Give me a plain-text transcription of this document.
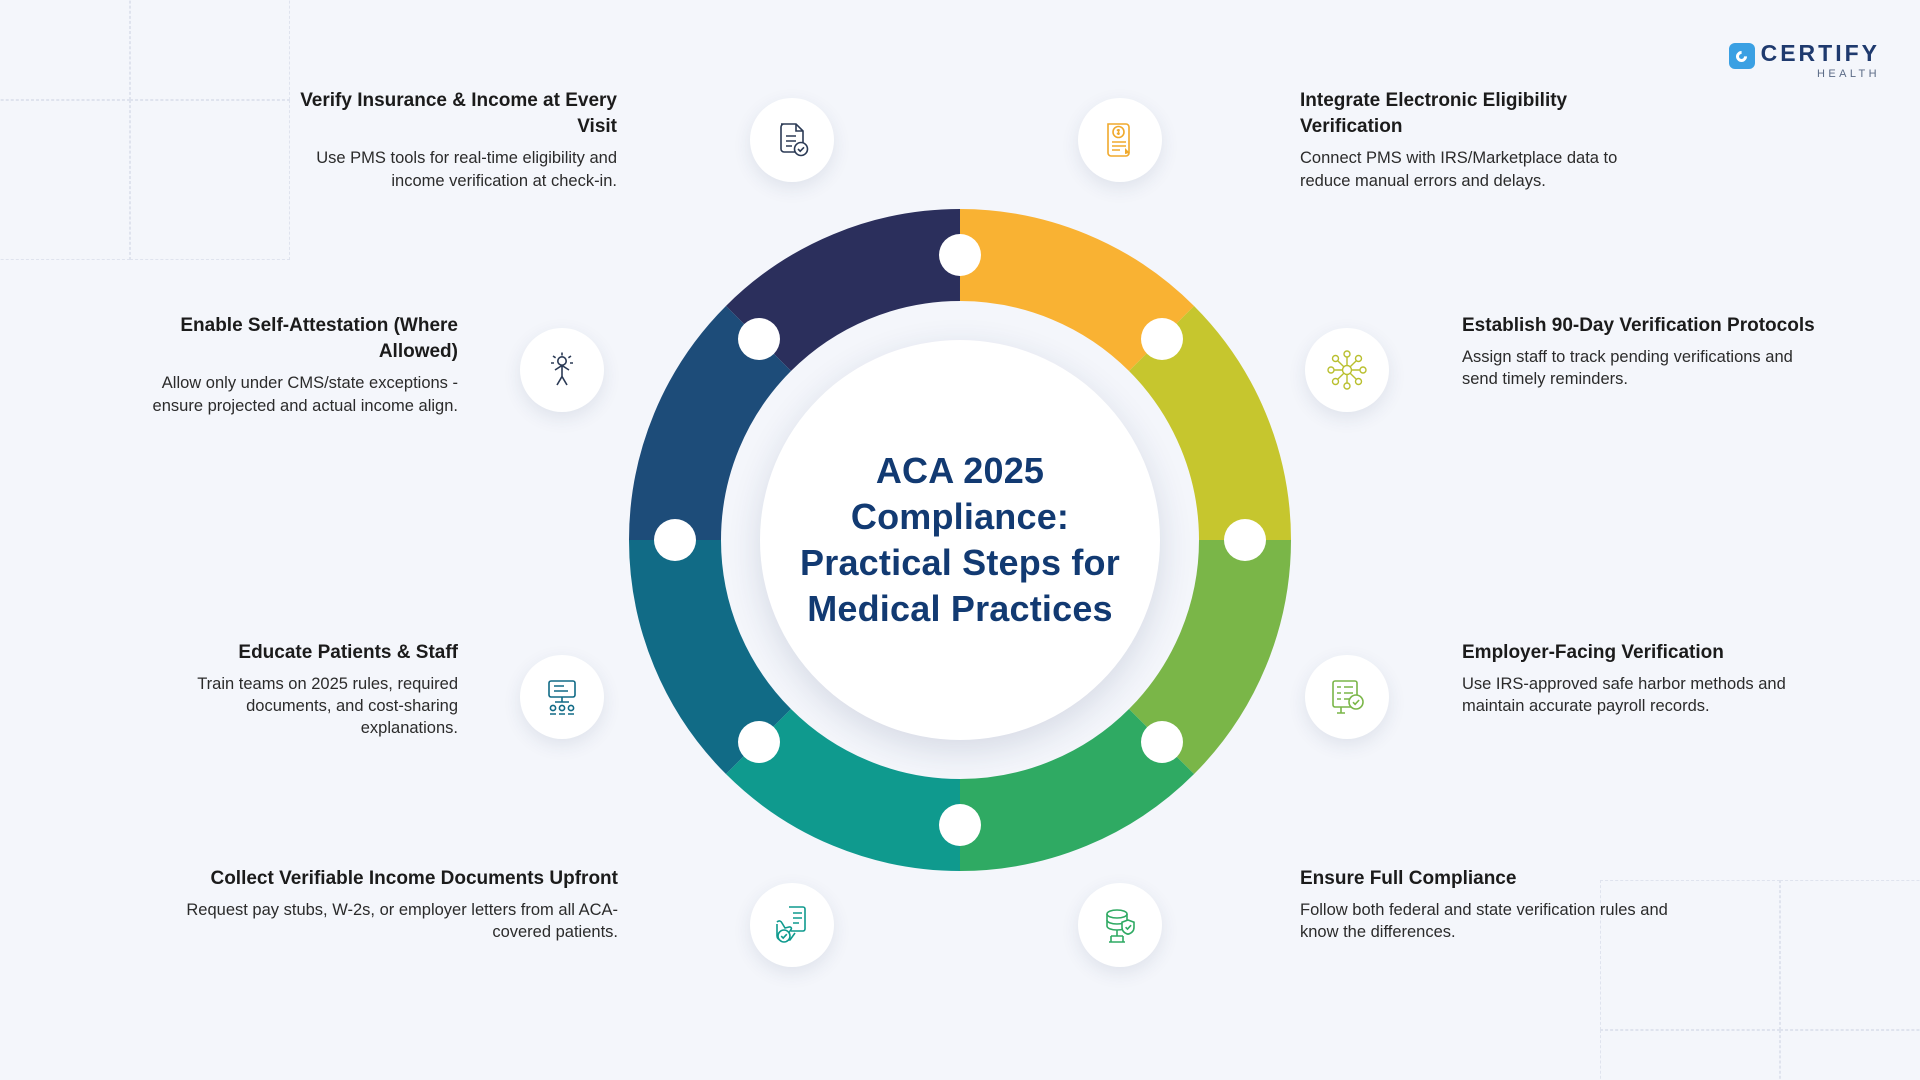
CERTIFY
HEALTH
ACA 2025 Compliance: Practical Steps for Medical Practices
Verify Insurance & Income at Every Visit
Use PMS tools for real-time eligibility and income verification at check-in.
Integrate Electronic Eligibility Verification
Connect PMS with IRS/Marketplace data to reduce manual errors and delays.
Enable Self-Attestation (Where Allowed)
Allow only under CMS/state exceptions - ensure projected and actual income align.
Establish 90-Day Verification Protocols
Assign staff to track pending verifications and send timely reminders.
Educate Patients & Staff
Train teams on 2025 rules, required documents, and cost-sharing explanations.
Employer-Facing Verification
Use IRS-approved safe harbor methods and maintain accurate payroll records.
Collect Verifiable Income Documents Upfront
Request pay stubs, W-2s, or employer letters from all ACA-covered patients.
Ensure Full Compliance
Follow both federal and state verification rules and know the differences.
